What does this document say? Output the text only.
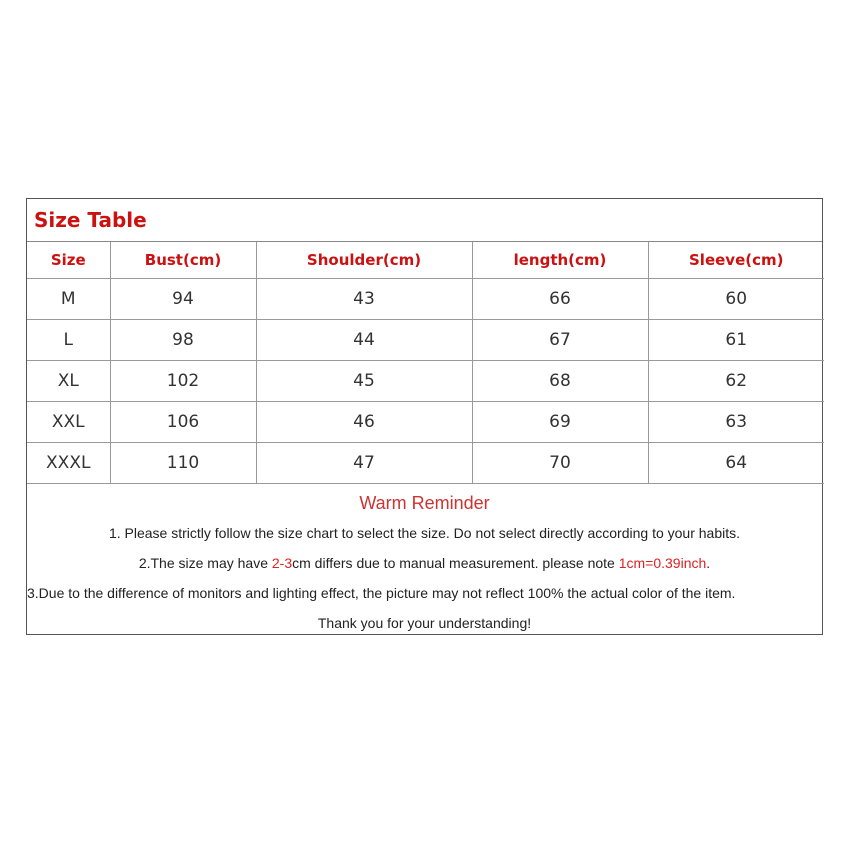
Size Table
Size	Bust(cm)	Shoulder(cm)	length(cm)	Sleeve(cm)
M	94	43	66	60
L	98	44	67	61
XL	102	45	68	62
XXL	106	46	69	63
XXXL	110	47	70	64
Warm Reminder
1. Please strictly follow the size chart to select the size. Do not select directly according to your habits.
2.The size may have 2-3cm differs due to manual measurement. please note 1cm=0.39inch.
3.Due to the difference of monitors and lighting effect, the picture may not reflect 100% the actual color of the item.
Thank you for your understanding!
